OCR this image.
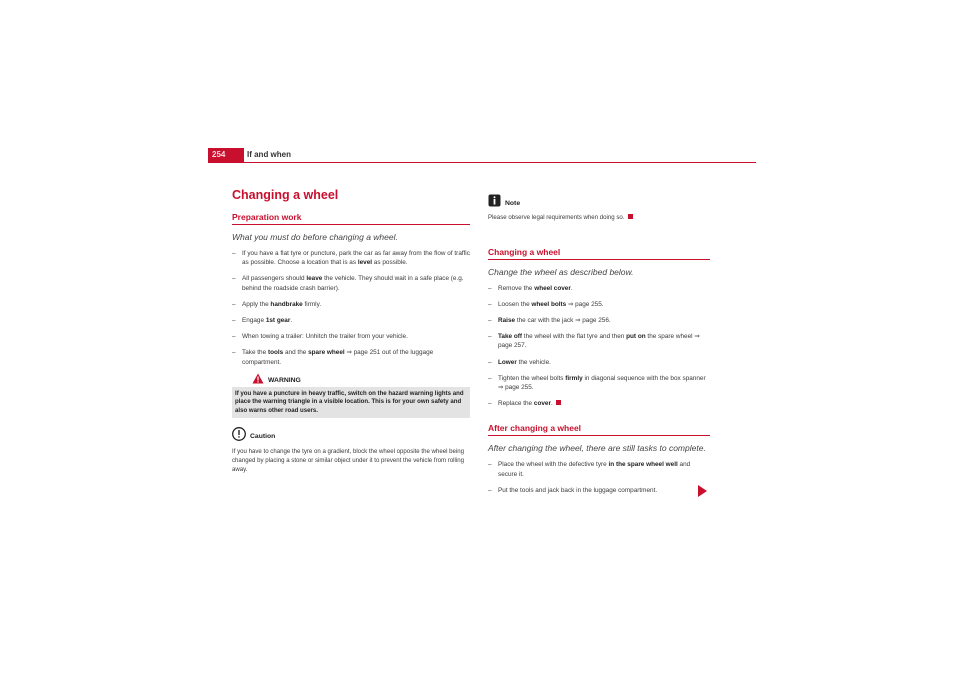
254	If and when
Changing a wheel
Preparation work
What you must do before changing a wheel.
– If you have a flat tyre or puncture, park the car as far away from the flow of traffic as possible. Choose a location that is as level as possible.
– All passengers should leave the vehicle. They should wait in a safe place (e.g. behind the roadside crash barrier).
– Apply the handbrake firmly.
– Engage 1st gear.
– When towing a trailer: Unhitch the trailer from your vehicle.
– Take the tools and the spare wheel ⇒ page 251 out of the luggage compartment.
WARNING
If you have a puncture in heavy traffic, switch on the hazard warning lights and place the warning triangle in a visible location. This is for your own safety and also warns other road users.
Caution
If you have to change the tyre on a gradient, block the wheel opposite the wheel being changed by placing a stone or similar object under it to prevent the vehicle from rolling away.
Note
Please observe legal requirements when doing so.
Changing a wheel
Change the wheel as described below.
– Remove the wheel cover.
– Loosen the wheel bolts ⇒ page 255.
– Raise the car with the jack ⇒ page 256.
– Take off the wheel with the flat tyre and then put on the spare wheel ⇒ page 257.
– Lower the vehicle.
– Tighten the wheel bolts firmly in diagonal sequence with the box spanner ⇒ page 255.
– Replace the cover.
After changing a wheel
After changing the wheel, there are still tasks to complete.
– Place the wheel with the defective tyre in the spare wheel well and secure it.
– Put the tools and jack back in the luggage compartment.
